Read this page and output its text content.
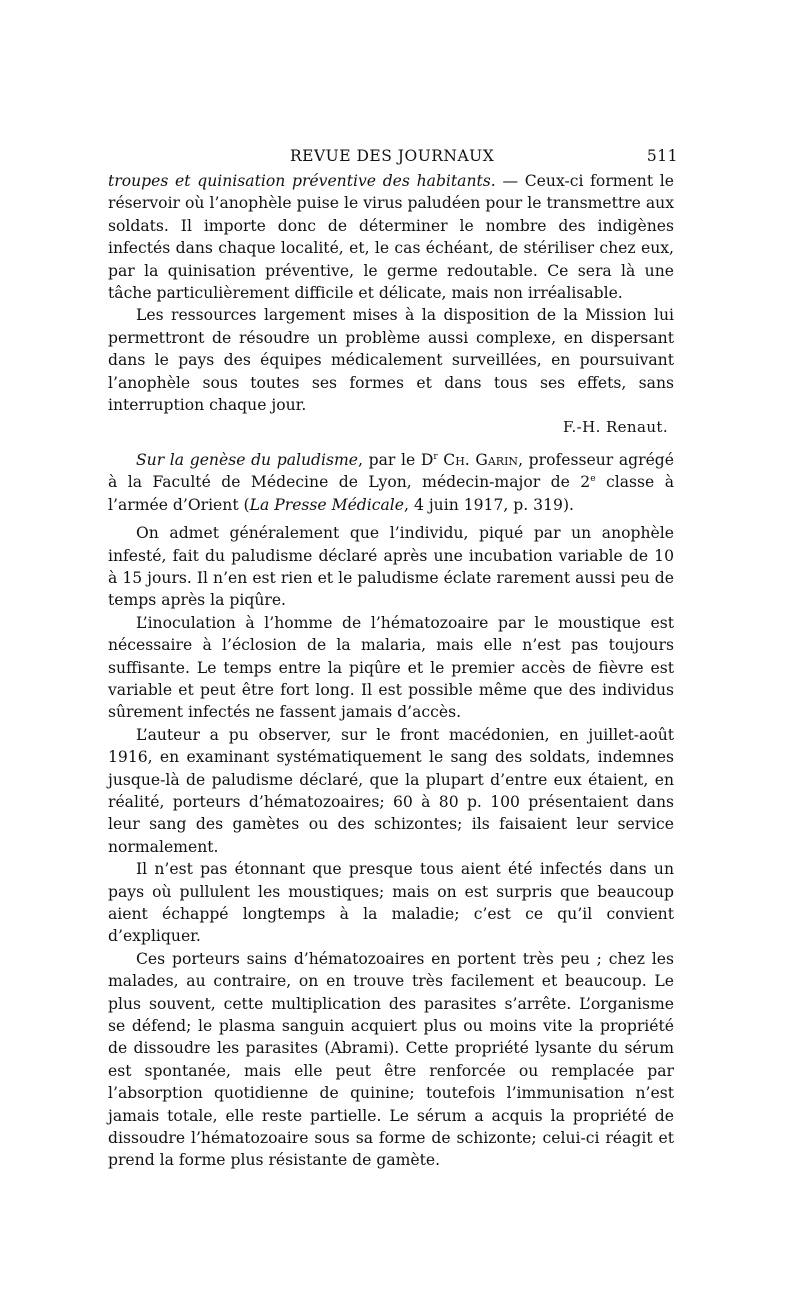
REVUE DES JOURNAUX	511

troupes et quinisation préventive des habitants. — Ceux-ci forment le réservoir où l’anophèle puise le virus paludéen pour le transmettre aux soldats. Il importe donc de déterminer le nombre des indigènes infectés dans chaque localité, et, le cas échéant, de stériliser chez eux, par la quinisation préventive, le germe redoutable. Ce sera là une tâche particulièrement difficile et délicate, mais non irréalisable.

Les ressources largement mises à la disposition de la Mission lui permettront de résoudre un problème aussi complexe, en dispersant dans le pays des équipes médicalement surveillées, en poursuivant l’anophèle sous toutes ses formes et dans tous ses effets, sans interruption chaque jour.

F.-H. Renaut.

Sur la genèse du paludisme, par le $D^r$ Ch. Garin, professeur agrégé à la Faculté de Médecine de Lyon, médecin-major de 2e classe à l’armée d’Orient (La Presse Médicale, 4 juin 1917, p. 319).

On admet généralement que l’individu, piqué par un anophèle infesté, fait du paludisme déclaré après une incubation variable de 10 à 15 jours. Il n’en est rien et le paludisme éclate rarement aussi peu de temps après la piqûre.

L’inoculation à l’homme de l’hématozoaire par le moustique est nécessaire à l’éclosion de la malaria, mais elle n’est pas toujours suffisante. Le temps entre la piqûre et le premier accès de fièvre est variable et peut être fort long. Il est possible même que des individus sûrement infectés ne fassent jamais d’accès.

L’auteur a pu observer, sur le front macédonien, en juillet-août 1916, en examinant systématiquement le sang des soldats, indemnes jusque-là de paludisme déclaré, que la plupart d’entre eux étaient, en réalité, porteurs d’hématozoaires; 60 à 80 p. 100 présentaient dans leur sang des gamètes ou des schizontes; ils faisaient leur service normalement.

Il n’est pas étonnant que presque tous aient été infectés dans un pays où pullulent les moustiques; mais on est surpris que beaucoup aient échappé longtemps à la maladie; c’est ce qu’il convient d’expliquer.

Ces porteurs sains d’hématozoaires en portent très peu ; chez les malades, au contraire, on en trouve très facilement et beaucoup. Le plus souvent, cette multiplication des parasites s’arrête. L’organisme se défend; le plasma sanguin acquiert plus ou moins vite la propriété de dissoudre les parasites (Abrami). Cette propriété lysante du sérum est spontanée, mais elle peut être renforcée ou remplacée par l’absorption quotidienne de quinine; toutefois l’immunisation n’est jamais totale, elle reste partielle. Le sérum a acquis la propriété de dissoudre l’hématozoaire sous sa forme de schizonte; celui-ci réagit et prend la forme plus résistante de gamète.
